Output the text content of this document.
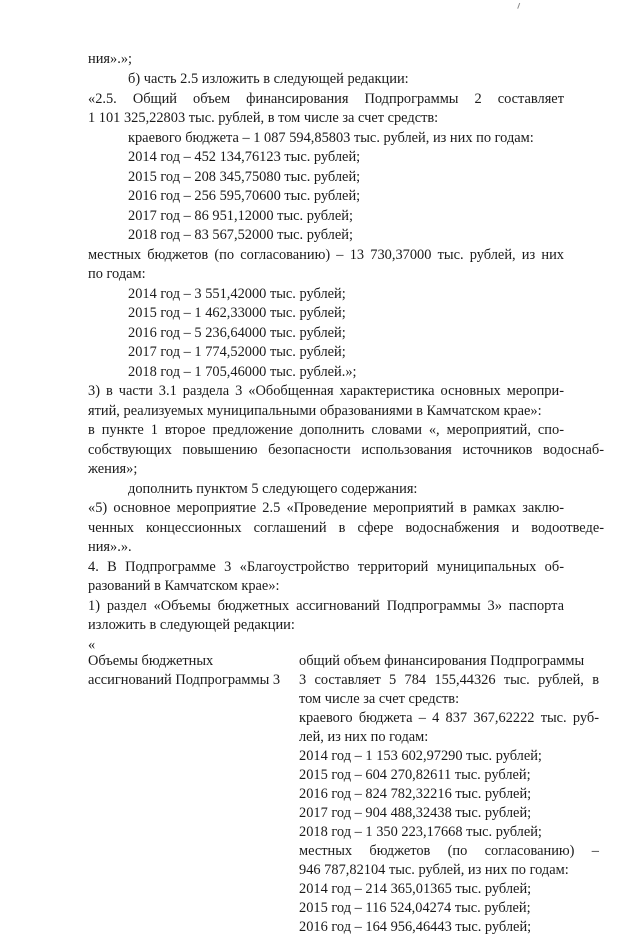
ния».»;
б) часть 2.5 изложить в следующей редакции:
«2.5. Общий объем финансирования Подпрограммы 2 составляет
1 101 325,22803 тыс. рублей, в том числе за счет средств:
краевого бюджета – 1 087 594,85803 тыс. рублей, из них по годам:
2014 год – 452 134,76123 тыс. рублей;
2015 год – 208 345,75080 тыс. рублей;
2016 год – 256 595,70600 тыс. рублей;
2017 год – 86 951,12000 тыс. рублей;
2018 год – 83 567,52000 тыс. рублей;
местных бюджетов (по согласованию) – 13 730,37000 тыс. рублей, из них
по годам:
2014 год – 3 551,42000 тыс. рублей;
2015 год – 1 462,33000 тыс. рублей;
2016 год – 5 236,64000 тыс. рублей;
2017 год – 1 774,52000 тыс. рублей;
2018 год – 1 705,46000 тыс. рублей.»;
3) в части 3.1 раздела 3 «Обобщенная характеристика основных меропри-
ятий, реализуемых муниципальными образованиями в Камчатском крае»:
в пункте 1 второе предложение дополнить словами «, мероприятий, спо-
собствующих повышению безопасности использования источников водоснаб-
жения»;
дополнить пунктом 5 следующего содержания:
«5) основное мероприятие 2.5 «Проведение мероприятий в рамках заклю-
ченных концессионных соглашений в сфере водоснабжения и водоотведе-
ния».».
4. В Подпрограмме 3 «Благоустройство территорий муниципальных об-
разований в Камчатском крае»:
1) раздел «Объемы бюджетных ассигнований Подпрограммы 3» паспорта
изложить в следующей редакции:
«
Объемы бюджетных
ассигнований Подпрограммы 3
общий объем финансирования Подпрограммы
3 составляет 5 784 155,44326 тыс. рублей, в
том числе за счет средств:
краевого бюджета – 4 837 367,62222 тыс. руб-
лей, из них по годам:
2014 год – 1 153 602,97290 тыс. рублей;
2015 год – 604 270,82611 тыс. рублей;
2016 год – 824 782,32216 тыс. рублей;
2017 год – 904 488,32438 тыс. рублей;
2018 год – 1 350 223,17668 тыс. рублей;
местных бюджетов (по согласованию) –
946 787,82104 тыс. рублей, из них по годам:
2014 год – 214 365,01365 тыс. рублей;
2015 год – 116 524,04274 тыс. рублей;
2016 год – 164 956,46443 тыс. рублей;
